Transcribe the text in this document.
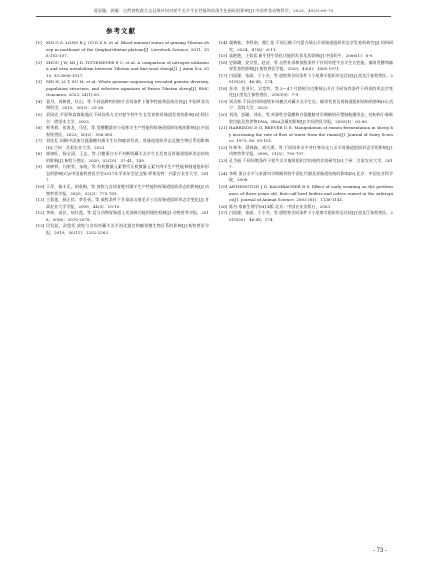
聂思璇，郭璇：自然放牧联合文冠果补饲对牦牛羔羊生长性能和血清生化指标的影响[J].中国草食动物科学，2025，45(3):69-73
参考文献
[1] XIN G S, LONG R J, GUO X S, et al. Blood mineral status of grazing Tibetan sheep in northeast of the Qinghai-tibetan plateau[J]. Livestock Science, 2011, 136:102-107.
[2] ZHOU J W, MI J D, TITGEMEYER E C, et al. A comparison of nitrogen utilization and urea metabolism between Tibetan and fine-wool sheep[J]. J Anim Sci, 2015, 93:3006-3017.
[3] SHI H, LI T, SU M, et al. Whole genome sequencing revealed genetic diversity, population structure, and selective signature of Panou Tibetan sheep[J]. BMC Genomics, 2023, 24(1):50.
[4] 姜丹，刘树建，杜山，等.不同品种肉用绵羊舍饲条件下屠宰性能和品质比较[J].中国草食动物科学，2010，30(3)：23-26.
[5] 袁园宏.平原和高海拔地区不同饲养方式对牦牛犊牛生长发育和胃肠道发育的影响[D].阿拉尔：塔里木大学，2023.
[6] 师秀莉，张海龙，马佳，等.发酵糟渣对小尾寒羊生产性能和胃肠道组织结构的影响[J].中国畜牧兽医，2023，50(2)：556-563.
[7] 刘佳忆.饲粮中添加甘露寡糖对滩羊生长和瘤胃发育、胃肠道组织形态及微生物区系的影响[D].兰州：甘肃农业大学，2021.
[8] 崔康旺，杨全清，王志，等.日粮蛋白水平对断奶藏羊羔羊生长发育及胃肠道组织形态结构的影响[J].畜牧与兽医，2020，52(10)：37-41，149.
[9] 周树林，闫豪等，朱晓，等.有机微量元素替代无机微量元素对肉羊生产性能和肠道组织形态的影响[C]//中国畜牧兽医学会2017年学术年会论文集.呼和浩特：内蒙古农业大学，2017.
[10] 于萍，杨丰乐，胡英梅，等.放牧与舍饲育肥对湖羊生产性能和胃肠道组织形态的影响[J].动物营养学报，2020，32(2)：775-783.
[11] 王彩莲，郝正祥，李发弟，等.放牧条件下甘肃高山细毛羊公羔胃肠道组织形态学变化[J].甘肃农业大学学报，2009，44(3)：10-15.
[12] 李坤，高民，胡红莲，等.反刍动物胃肠道上皮屏障功能的调控机制[J].动物营养学报，2018，30(6)：2070-2078.
[13] 闫发起，武俊发.放牧与舍饲对藏羊羔羊消化器官和瘤胃微生物区系的影响[J].畜牧兽医学报，2019，50(11)：2252-2263.
[14] 栗梅桂，李科南，穆仁花.不同日粮下内蒙古绒山羊胃肠道组织形态学发育的研究[J].饲料研究，2024，47(6)：6-11.
[15] 高艳艳，王如喜.新生牦牛消化功能的发育及其影响[J].中国奶牛，2006(1)：6-9.
[16] 史陈璐，安宗恒，赵洁，等.自然补添和放牧条件下补饲对牦牛羔羊生长性能、瘤胃发酵和瘤胃发育的影响[J].畜牧兽医学报，2020，43(6)：1063-1071.
[17] 白国源，张丽，于小杰，等.放牧和舍饲条件下小尾寒羊组织形态比较[J].黑龙江畜牧兽医，2019(20)：46-48，174.
[18] 苏卓，包亚尔，吴堂均，等.3～4个月龄阿尔巴斯绒山羊在不同饲养条件下两胃的形态学变化[J].黑龙江畜牧兽医，2005(9)：7-9.
[19] 周贞林.不同舍饲和放牧补饲模式对藏羊羔羊生长、瘤胃发育及胃肠道组织结构的影响[D].西宁：青海大学，2023.
[20] 刘涛，彭珊，刘东，等.外源性谷氨酸和谷氨酰胺对早期断奶仔猪肠粘膜形态、结构和小肠吸收功能及营养物DNA、RNA含量的影响[J].中国兽医学报，2005(1)：62-65.
[21] HARRISON D G, BEEVER D E. Manipulation of rumen fermentation in sheep by increasing the rate of flow of water from the rumen[J]. Journal of Dairy Science, 1975, 85: 93-101.
[22] 杜林冬，薛林森，胡大勇，等.不同饲养水平对杜寒杂交公羔羊胃肠道组织形态学的影响[J].动物营养学报，2009，21(5)：792-797.
[23] 孔令丽.不同饲喂条件下牦牛羔羊瘤胃组织学结构的比较研究[D].兰州：甘肃农业大学，2017.
[24] 李辉.蛋白水平与来源对早期断奶犊牛消化代谢及胃肠道结构的影响[D].北京：中国农业科学院，2008.
[25] ARTHINGTON J D, KALMBACHER R S. Effect of early weaning on the performance of three years old, first-calf beef heifers and calves reared in the subtropics[J]. Journal of Animal Science, 2003 (81)：1136-1141.
[26] 陈杰.家畜生理学[M].4版.北京：中国农业出版社，2003.
[27] 白国源，张丽，于小杰，等.放牧和舍饲条件下小尾寒羊组织形态比较[J].黑龙江畜牧兽医，2019(20)：46-48，174.
- 73 -
